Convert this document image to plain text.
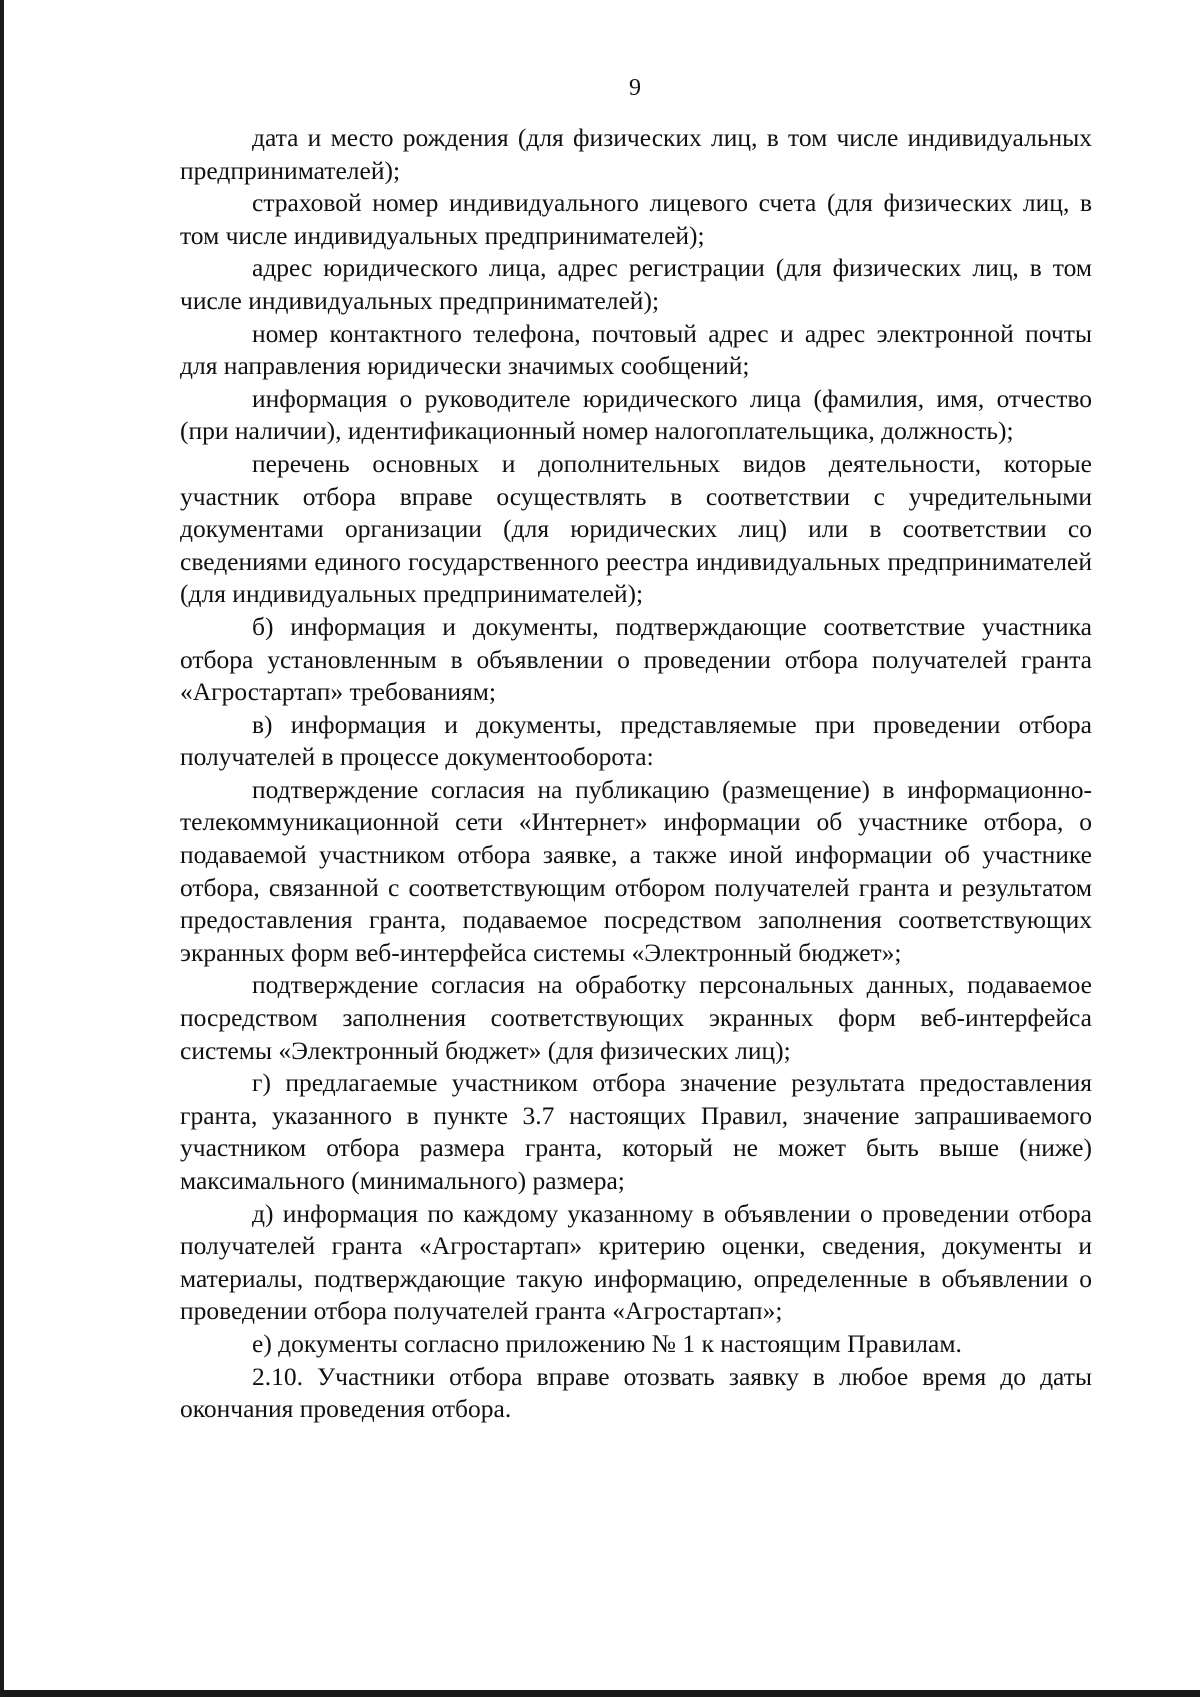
9

дата и место рождения (для физических лиц, в том числе индивидуальных предпринимателей);

страховой номер индивидуального лицевого счета (для физических лиц, в том числе индивидуальных предпринимателей);

адрес юридического лица, адрес регистрации (для физических лиц, в том числе индивидуальных предпринимателей);

номер контактного телефона, почтовый адрес и адрес электронной почты для направления юридически значимых сообщений;

информация о руководителе юридического лица (фамилия, имя, отчество (при наличии), идентификационный номер налогоплательщика, должность);

перечень основных и дополнительных видов деятельности, которые участник отбора вправе осуществлять в соответствии с учредительными документами организации (для юридических лиц) или в соответствии со сведениями единого государственного реестра индивидуальных предпринимателей (для индивидуальных предпринимателей);

б) информация и документы, подтверждающие соответствие участника отбора установленным в объявлении о проведении отбора получателей гранта «Агростартап» требованиям;

в) информация и документы, представляемые при проведении отбора получателей в процессе документооборота:

подтверждение согласия на публикацию (размещение) в информационно-телекоммуникационной сети «Интернет» информации об участнике отбора, о подаваемой участником отбора заявке, а также иной информации об участнике отбора, связанной с соответствующим отбором получателей гранта и результатом предоставления гранта, подаваемое посредством заполнения соответствующих экранных форм веб-интерфейса системы «Электронный бюджет»;

подтверждение согласия на обработку персональных данных, подаваемое посредством заполнения соответствующих экранных форм веб-интерфейса системы «Электронный бюджет» (для физических лиц);

г) предлагаемые участником отбора значение результата предоставления гранта, указанного в пункте 3.7 настоящих Правил, значение запрашиваемого участником отбора размера гранта, который не может быть выше (ниже) максимального (минимального) размера;

д) информация по каждому указанному в объявлении о проведении отбора получателей гранта «Агростартап» критерию оценки, сведения, документы и материалы, подтверждающие такую информацию, определенные в объявлении о проведении отбора получателей гранта «Агростартап»;

е) документы согласно приложению № 1 к настоящим Правилам.

2.10. Участники отбора вправе отозвать заявку в любое время до даты окончания проведения отбора.
